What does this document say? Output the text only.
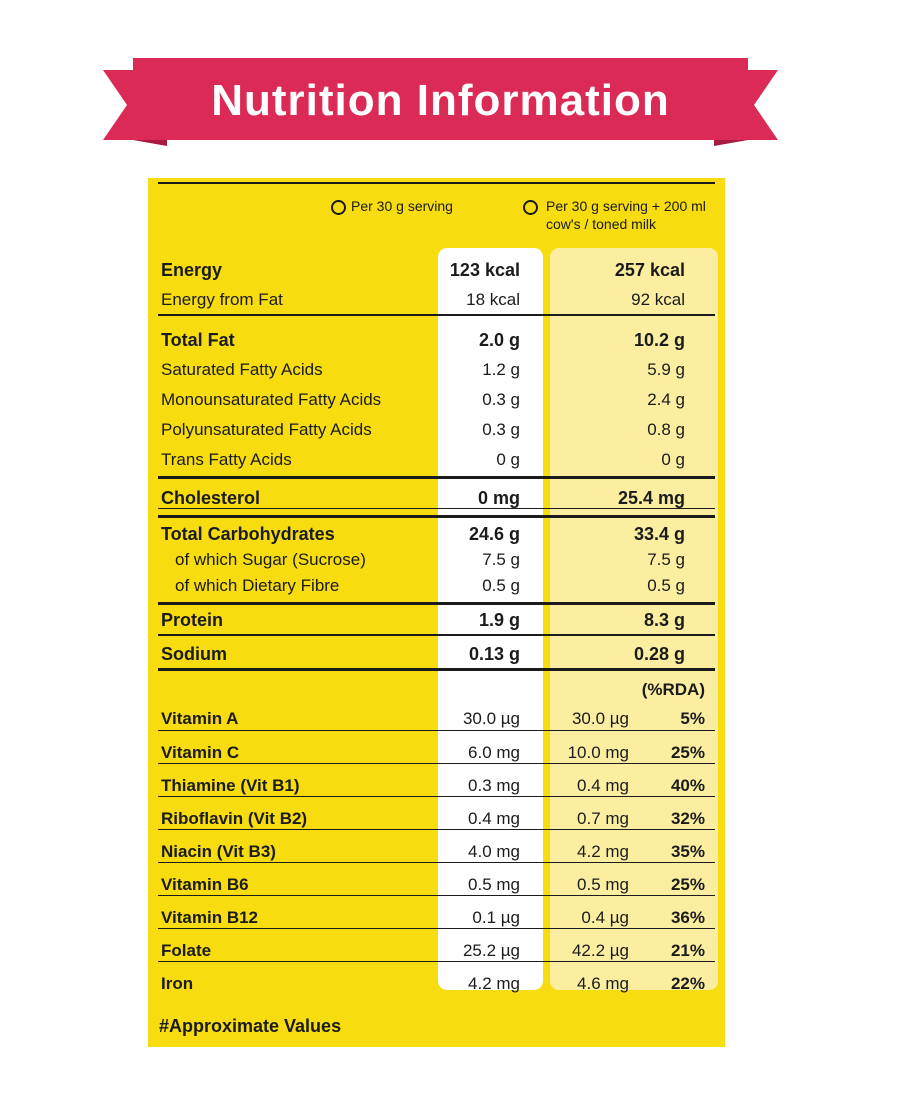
Nutrition Information
Per 30 g serving	Per 30 g serving + 200 ml
cow's / toned milk
Energy	123 kcal	257 kcal
Energy from Fat	18 kcal	92 kcal
Total Fat	2.0 g	10.2 g
Saturated Fatty Acids	1.2 g	5.9 g
Monounsaturated Fatty Acids	0.3 g	2.4 g
Polyunsaturated Fatty Acids	0.3 g	0.8 g
Trans Fatty Acids	0 g	0 g
Cholesterol	0 mg	25.4 mg
Total Carbohydrates	24.6 g	33.4 g
of which Sugar (Sucrose)	7.5 g	7.5 g
of which Dietary Fibre	0.5 g	0.5 g
Protein	1.9 g	8.3 g
Sodium	0.13 g	0.28 g
(%RDA)
Vitamin A	30.0 µg	30.0 µg	5%
Vitamin C	6.0 mg	10.0 mg 25%
Thiamine (Vit B1)	0.3 mg	0.4 mg 40%
Riboflavin (Vit B2)	0.4 mg	0.7 mg 32%
Niacin (Vit B3)	4.0 mg	4.2 mg 35%
Vitamin B6	0.5 mg	0.5 mg 25%
Vitamin B12	0.1 µg	0.4 µg 36%
Folate	25.2 µg	42.2 µg 21%
Iron	4.2 mg	4.6 mg 22%
#Approximate Values
